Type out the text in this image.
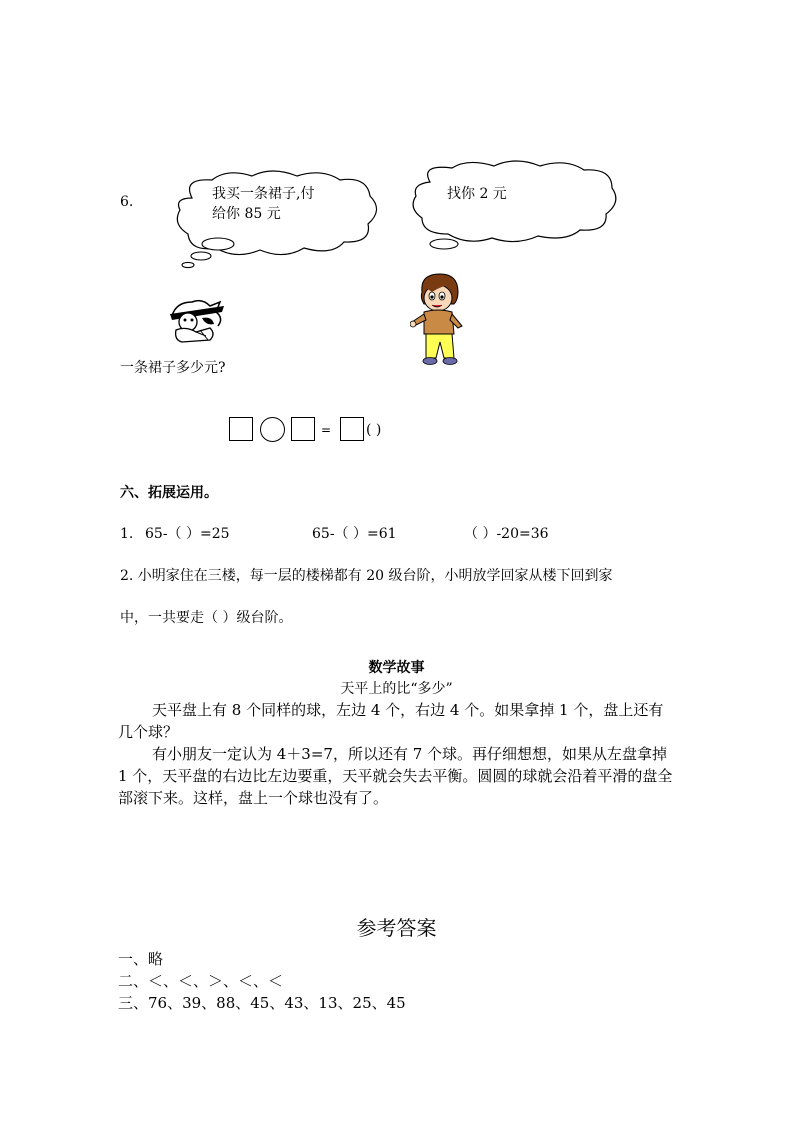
6.	我买一条裙子,付
给你 85 元
找你 2 元
一条裙子多少元?
= ( )
六、拓展运用。
1. 65-（ ）=25	65-（ ）=61	（ ）-20=36
2. 小明家住在三楼，每一层的楼梯都有 20 级台阶，小明放学回家从楼下回到家
中，一共要走（ ）级台阶。
数学故事
天平上的比“多少”
天平盘上有 8 个同样的球，左边 4 个，右边 4 个。如果拿掉 1 个，盘上还有几个球？
有小朋友一定认为 4＋3=7，所以还有 7 个球。再仔细想想，如果从左盘拿掉 1 个，天平盘的右边比左边要重，天平就会失去平衡。圆圆的球就会沿着平滑的盘全部滚下来。这样，盘上一个球也没有了。
参考答案
一、略
二、＜、＜、＞、＜、＜
三、76、39、88、45、43、13、25、45
